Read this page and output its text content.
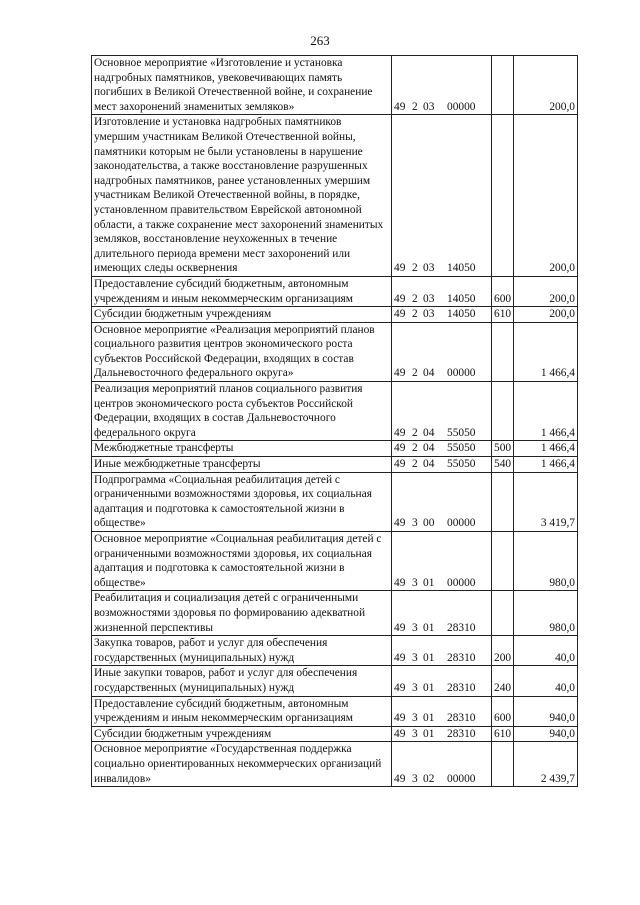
263
Основное мероприятие «Изготовление и установка надгробных памятников, увековечивающих память погибших в Великой Отечественной войне, и сохранение мест захоронений знаменитых земляков»	49 2 03 00000		200,0
Изготовление и установка надгробных памятников умершим участникам Великой Отечественной войны, памятники которым не были установлены в нарушение законодательства, а также восстановление разрушенных надгробных памятников, ранее установленных умершим участникам Великой Отечественной войны, в порядке, установленном правительством Еврейской автономной области, а также сохранение мест захоронений знаменитых земляков, восстановление неухоженных в течение длительного периода времени мест захоронений или имеющих следы осквернения	49 2 03 14050		200,0
Предоставление субсидий бюджетным, автономным учреждениям и иным некоммерческим организациям	49 2 03 14050	600	200,0
Субсидии бюджетным учреждениям	49 2 03 14050	610	200,0
Основное мероприятие «Реализация мероприятий планов социального развития центров экономического роста субъектов Российской Федерации, входящих в состав Дальневосточного федерального округа»	49 2 04 00000		1 466,4
Реализация мероприятий планов социального развития центров экономического роста субъектов Российской Федерации, входящих в состав Дальневосточного федерального округа	49 2 04 55050		1 466,4
Межбюджетные трансферты	49 2 04 55050	500	1 466,4
Иные межбюджетные трансферты	49 2 04 55050	540	1 466,4
Подпрограмма «Социальная реабилитация детей с ограниченными возможностями здоровья, их социальная адаптация и подготовка к самостоятельной жизни в обществе»	49 3 00 00000		3 419,7
Основное мероприятие «Социальная реабилитация детей с ограниченными возможностями здоровья, их социальная адаптация и подготовка к самостоятельной жизни в обществе»	49 3 01 00000		980,0
Реабилитация и социализация детей с ограниченными возможностями здоровья по формированию адекватной жизненной перспективы	49 3 01 28310		980,0
Закупка товаров, работ и услуг для обеспечения государственных (муниципальных) нужд	49 3 01 28310	200	40,0
Иные закупки товаров, работ и услуг для обеспечения государственных (муниципальных) нужд	49 3 01 28310	240	40,0
Предоставление субсидий бюджетным, автономным учреждениям и иным некоммерческим организациям	49 3 01 28310	600	940,0
Субсидии бюджетным учреждениям	49 3 01 28310	610	940,0
Основное мероприятие «Государственная поддержка социально ориентированных некоммерческих организаций инвалидов»	49 3 02 00000		2 439,7
